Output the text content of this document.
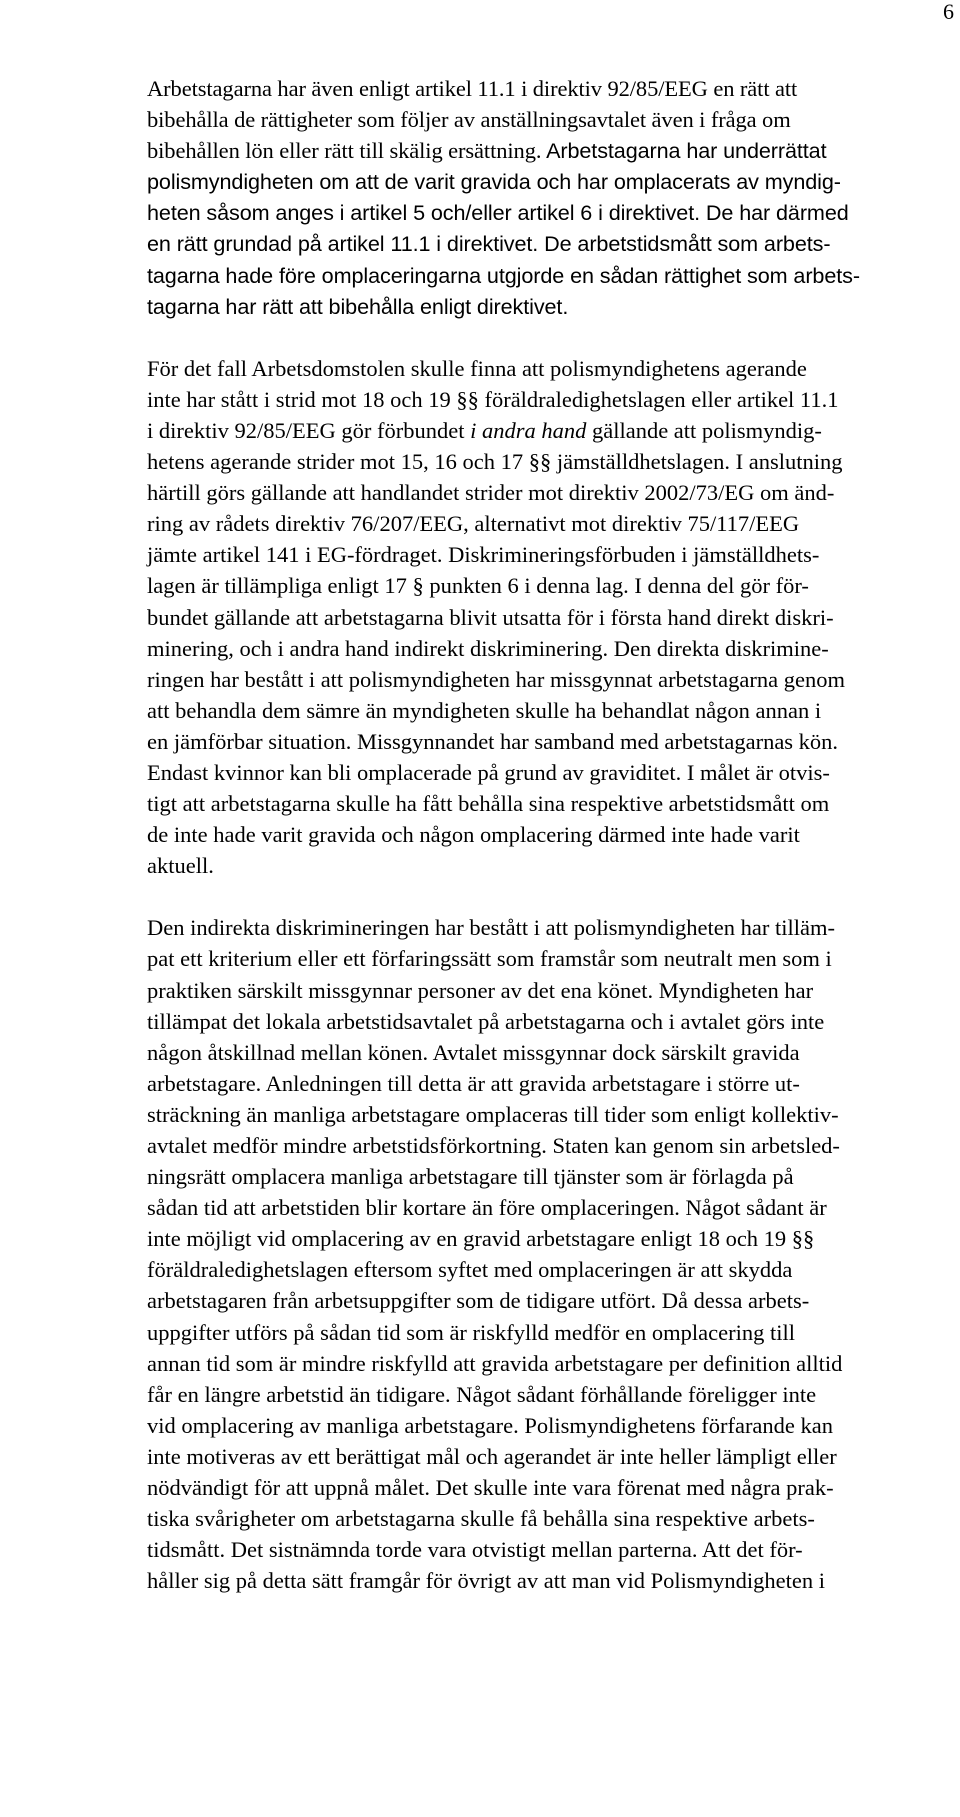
6

Arbetstagarna har även enligt artikel 11.1 i direktiv 92/85/EEG en rätt att
bibehålla de rättigheter som följer av anställningsavtalet även i fråga om
bibehållen lön eller rätt till skälig ersättning. Arbetstagarna har underrättat
polismyndigheten om att de varit gravida och har omplacerats av myndig-
heten såsom anges i artikel 5 och/eller artikel 6 i direktivet. De har därmed
en rätt grundad på artikel 11.1 i direktivet. De arbetstidsmått som arbets-
tagarna hade före omplaceringarna utgjorde en sådan rättighet som arbets-
tagarna har rätt att bibehålla enligt direktivet.

För det fall Arbetsdomstolen skulle finna att polismyndighetens agerande
inte har stått i strid mot 18 och 19 §§ föräldraledighetslagen eller artikel 11.1
i direktiv 92/85/EEG gör förbundet i andra hand gällande att polismyndig-
hetens agerande strider mot 15, 16 och 17 §§ jämställdhetslagen. I anslutning
härtill görs gällande att handlandet strider mot direktiv 2002/73/EG om änd-
ring av rådets direktiv 76/207/EEG, alternativt mot direktiv 75/117/EEG
jämte artikel 141 i EG-fördraget. Diskrimineringsförbuden i jämställdhets-
lagen är tillämpliga enligt 17 § punkten 6 i denna lag. I denna del gör för-
bundet gällande att arbetstagarna blivit utsatta för i första hand direkt diskri-
minering, och i andra hand indirekt diskriminering. Den direkta diskrimine-
ringen har bestått i att polismyndigheten har missgynnat arbetstagarna genom
att behandla dem sämre än myndigheten skulle ha behandlat någon annan i
en jämförbar situation. Missgynnandet har samband med arbetstagarnas kön.
Endast kvinnor kan bli omplacerade på grund av graviditet. I målet är otvis-
tigt att arbetstagarna skulle ha fått behålla sina respektive arbetstidsmått om
de inte hade varit gravida och någon omplacering därmed inte hade varit
aktuell.

Den indirekta diskrimineringen har bestått i att polismyndigheten har tilläm-
pat ett kriterium eller ett förfaringssätt som framstår som neutralt men som i
praktiken särskilt missgynnar personer av det ena könet. Myndigheten har
tillämpat det lokala arbetstidsavtalet på arbetstagarna och i avtalet görs inte
någon åtskillnad mellan könen. Avtalet missgynnar dock särskilt gravida
arbetstagare. Anledningen till detta är att gravida arbetstagare i större ut-
sträckning än manliga arbetstagare omplaceras till tider som enligt kollektiv-
avtalet medför mindre arbetstidsförkortning. Staten kan genom sin arbetsled-
ningsrätt omplacera manliga arbetstagare till tjänster som är förlagda på
sådan tid att arbetstiden blir kortare än före omplaceringen. Något sådant är
inte möjligt vid omplacering av en gravid arbetstagare enligt 18 och 19 §§
föräldraledighetslagen eftersom syftet med omplaceringen är att skydda
arbetstagaren från arbetsuppgifter som de tidigare utfört. Då dessa arbets-
uppgifter utförs på sådan tid som är riskfylld medför en omplacering till
annan tid som är mindre riskfylld att gravida arbetstagare per definition alltid
får en längre arbetstid än tidigare. Något sådant förhållande föreligger inte
vid omplacering av manliga arbetstagare. Polismyndighetens förfarande kan
inte motiveras av ett berättigat mål och agerandet är inte heller lämpligt eller
nödvändigt för att uppnå målet. Det skulle inte vara förenat med några prak-
tiska svårigheter om arbetstagarna skulle få behålla sina respektive arbets-
tidsmått. Det sistnämnda torde vara otvistigt mellan parterna. Att det för-
håller sig på detta sätt framgår för övrigt av att man vid Polismyndigheten i
